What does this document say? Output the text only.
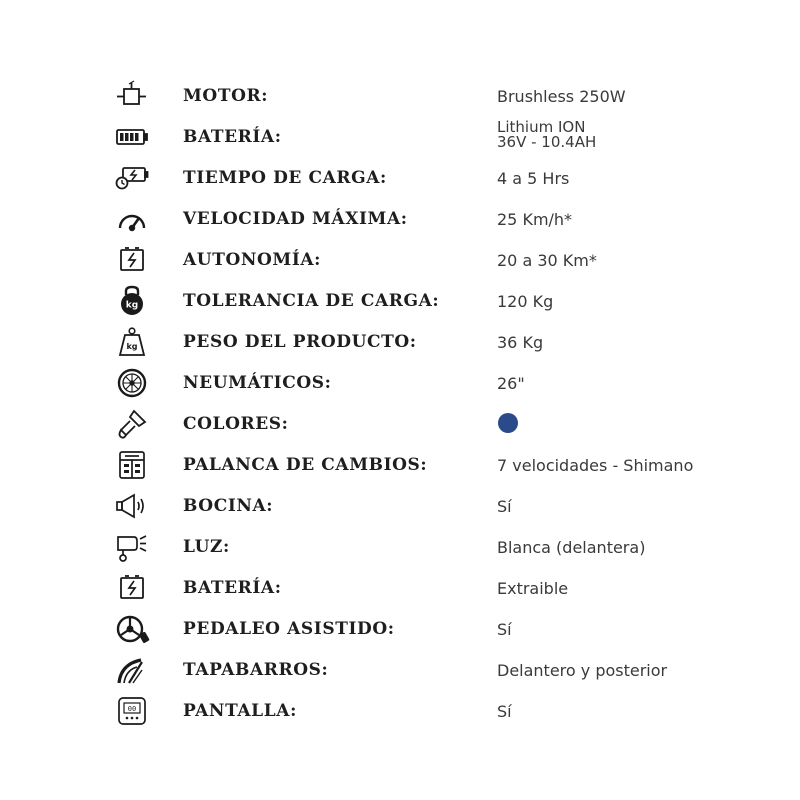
MOTOR:	Brushless 250W
BATERÍA:	Lithium ION
36V - 10.4AH
TIEMPO DE CARGA:	4 a 5 Hrs
VELOCIDAD MÁXIMA:	25 Km/h*
AUTONOMÍA:	20 a 30 Km*
kg	TOLERANCIA DE CARGA:	120 Kg
kg	PESO DEL PRODUCTO:	36 Kg
NEUMÁTICOS:	26"
COLORES:
PALANCA DE CAMBIOS:	7 velocidades - Shimano
BOCINA:	Sí
LUZ:	Blanca (delantera)
BATERÍA:	Extraible
PEDALEO ASISTIDO:	Sí
TAPABARROS:	Delantero y posterior
00	PANTALLA:	Sí
